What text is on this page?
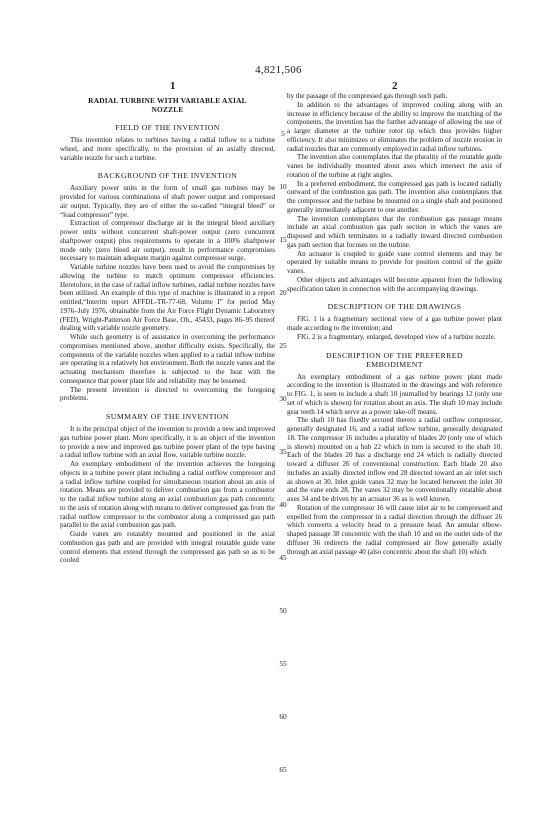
1
4,821,506
2
RADIAL TURBINE WITH VARIABLE AXIAL
NOZZLE
FIELD OF THE INVENTION

This invention relates to turbines having a radial inflow to a turbine wheel, and more specifically, to the provision of an axially directed, variable nozzle for such a turbine.

BACKGROUND OF THE INVENTION

Auxiliary power units in the form of small gas turbines may be provided for various combinations of shaft power output and compressed air output. Typically, they are of either the so-called “integral bleed” or “load compressor” type.

Extraction of compressor discharge air in the integral bleed auxiliary power units without concurrent shaft-power output (zero concurrent shaftpower output) plus requirements to operate in a 100% shaftpower mode only (zero bleed air output), result in performance compromises necessary to maintain adequate margin against compressor surge.

Variable turbine nozzles have been used to avoid the compromises by allowing the turbine to match optimum compressor efficiencies. Heretofore, in the case of radial inflow turbines, radial turbine nozzles have been utilized. An example of this type of machine is illustrated in a report entitled,“Interim report AFFDL-TR-77-68, Volume I” for period May 1976–July 1976, obtainable from the Air Force Flight Dynamic Laboratory (FED), Wright-Patterson Air Force Base, Oh., 45433, pages 86–95 thereof dealing with variable nozzle geometry.

While such geometry is of assistance in overcoming the performance compromises mentioned above, another difficulty exists. Specifically, the components of the variable nozzles when applied to a radial inflow turbine are operating in a relatively hot environment. Both the nozzle vanes and the actuating mechanism therefore is subjected to the heat with the consequence that power plant life and reliability may be lessened.

The present invention is directed to overcoming the foregoing problems.

SUMMARY OF THE INVENTION

It is the principal object of the invention to provide a new and improved gas turbine power plant. More specifically, it is an object of the invention to provide a new and improved gas turbine power plant of the type having a radial inflow turbine with an axial flow, variable turbine nozzle.

An exemplary embodiment of the invention achieves the foregoing objects in a turbine power plant including a radial outflow compressor and a radial inflow turbine coupled for simultaneous rotation about an axis of rotation. Means are provided to deliver combustion gas from a combustor to the radial inflow turbine along an axial combustion gas path concentric to the axis of rotation along with means to deliver compressed gas from the radial outflow compressor to the combustor along a compressed gas path parallel to the axial combustion gas path.

Guide vanes are rotatably mounted and positioned in the axial combustion gas path and are provided with integral rotatable guide vane control elements that extend through the compressed gas path so as to be cooled

5
10
15
20
25
30
35
40
45
50
55
60
65

by the passage of the compressed gas through such path.

In addition to the advantages of improved cooling along with an increase in efficiency because of the ability to improve the matching of the components, the invention has the further advantage of allowing the use of a larger diameter at the turbine rotor tip which thus provides higher efficiency. It also minimizes or eliminates the problem of nozzle erosion in radial nozzles that are commonly employed in radial inflow turbines.

The invention also contemplates that the plurality of the rotatable guide vanes be individually mounted about axes which intersect the axis of rotation of the turbine at right angles.

In a preferred embodiment, the compressed gas path is located radially outward of the combustion gas path. The invention also contemplates that the compressor and the turbine be mounted on a single shaft and positioned generally immediately adjacent to one another.

The invention contemplates that the combustion gas passage means include an axial combustion gas path section in which the vanes are disposed and which terminates in a radially inward directed combustion gas path section that focuses on the turbine.

An actuator is coupled to guide vane control elements and may be operated by suitable means to provide for position control of the guide vanes.

Other objects and advantages will become apparent from the following specification taken in connection with the accompanying drawings.

DESCRIPTION OF THE DRAWINGS

FIG. 1 is a fragmentary sectional view of a gas turbine power plant made according to the invention; and

FIG. 2 is a fragmentary, enlarged, developed view of a turbine nozzle.

DESCRIPTION OF THE PREFERRED
EMBODIMENT

An exemplary embodiment of a gas turbine power plant made according to the invention is illustrated in the drawings and with reference to FIG. 1, is seen to include a shaft 10 journalled by bearings 12 (only one set of which is shown) for rotation about an axis. The shaft 10 may include gear teeth 14 which serve as a power take-off means.

The shaft 10 has fixedly secured thereto a radial outflow compressor, generally designated 16, and a radial inflow turbine, generally designated 18. The compressor 16 includes a plurality of blades 20 (only one of which is shown) mounted on a hub 22 which in turn is secured to the shaft 10. Each of the blades 20 has a discharge end 24 which is radially directed toward a diffuser 26 of conventional construction. Each blade 20 also includes an axially directed inflow end 28 directed toward an air inlet such as shown at 30. Inlet guide vanes 32 may be located between the inlet 30 and the vane ends 28. The vanes 32 may be conventionally rotatable about axes 34 and be driven by an actuator 36 as is well known.

Rotation of the compressor 16 will cause inlet air to be compressed and expelled from the compressor in a radial direction through the diffuser 26 which converts a velocity head to a pressure head. An annular elbow-shaped passage 38 concentric with the shaft 10 and on the outlet side of the diffuser 36 redirects the radial compressed air flow generally axially through an axial passage 40 (also concentric about the shaft 10) which
